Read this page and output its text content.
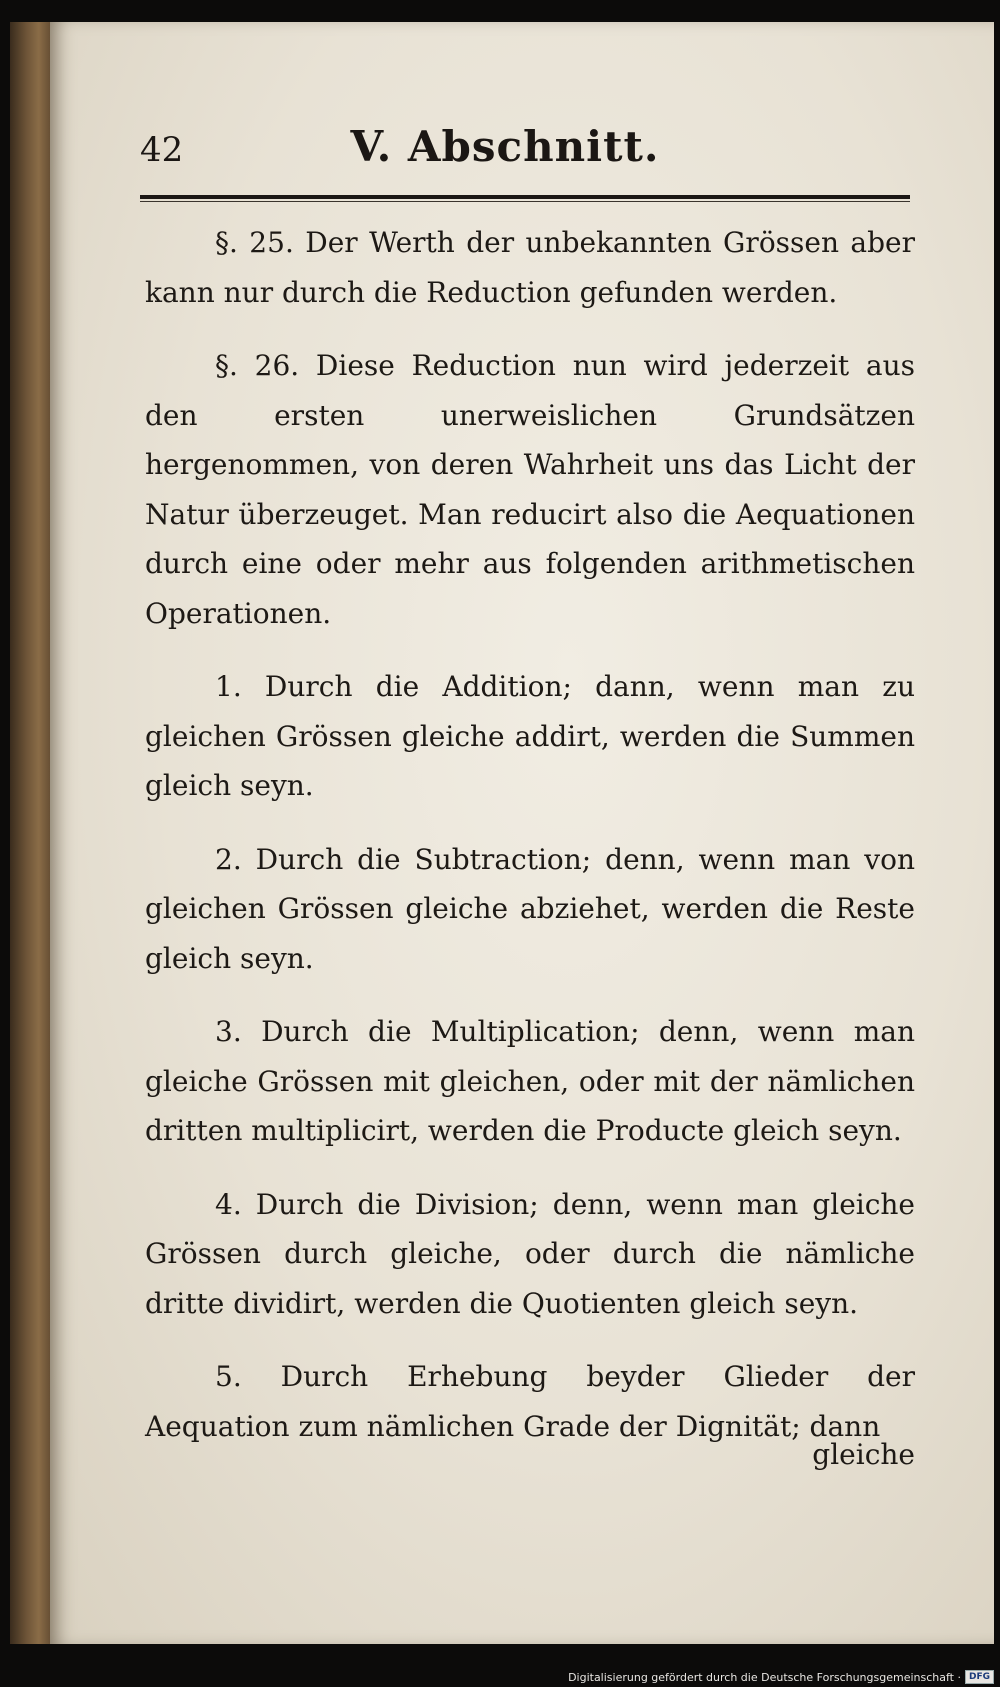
42	V. Abschnitt.

§. 25. Der Werth der unbekannten Grössen aber kann nur durch die Reduction gefunden werden.

§. 26. Diese Reduction nun wird jederzeit aus den ersten unerweislichen Grundsätzen hergenommen, von deren Wahrheit uns das Licht der Natur überzeuget. Man reducirt also die Aequationen durch eine oder mehr aus folgenden arithmetischen Operationen.

1. Durch die Addition; dann, wenn man zu gleichen Grössen gleiche addirt, werden die Summen gleich seyn.

2. Durch die Subtraction; denn, wenn man von gleichen Grössen gleiche abziehet, werden die Reste gleich seyn.

3. Durch die Multiplication; denn, wenn man gleiche Grössen mit gleichen, oder mit der nämlichen dritten multiplicirt, werden die Producte gleich seyn.

4. Durch die Division; denn, wenn man gleiche Grössen durch gleiche, oder durch die nämliche dritte dividirt, werden die Quotienten gleich seyn.

5. Durch Erhebung beyder Glieder der Aequation zum nämlichen Grade der Dignität; dann

gleiche
Digitalisierung gefördert durch die Deutsche Forschungsgemeinschaft · DFG
